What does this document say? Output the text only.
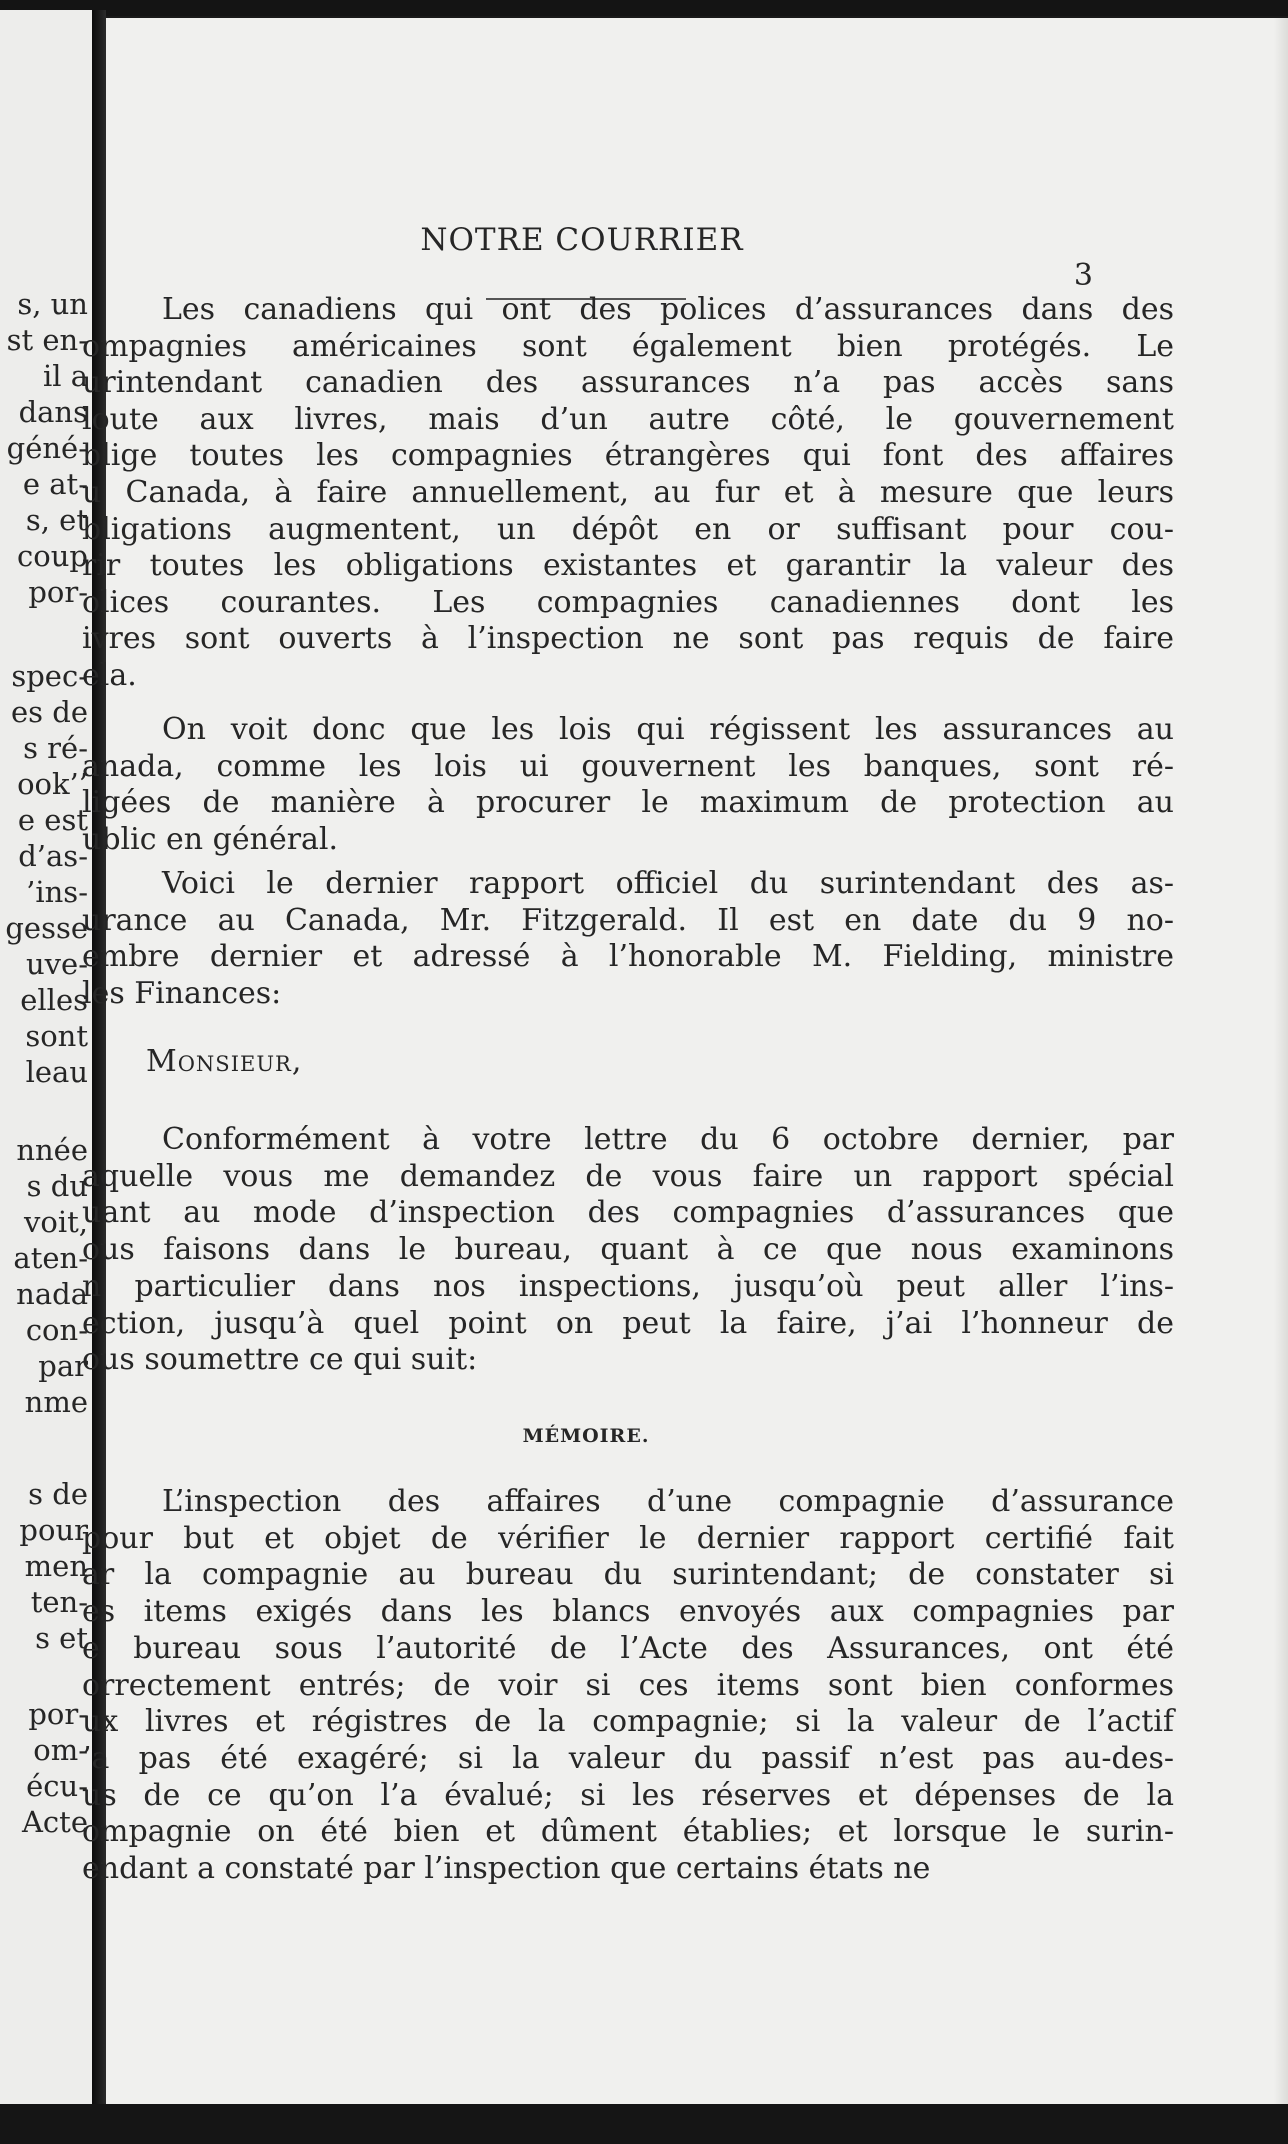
s, un
st en-
il a
dans
géné-
e at-
s, et
coup
por-
spec-
es de
s ré-
ook’’
e est
d’as-
’ins-
gesse
uve-
elles
sont
leau
nnée
s du
voit,
aten-
nada
con-
par
nme
s de
pour
men
ten-
s et
por-
om-
écu-
Acte
NOTRE COURRIER
3
Les canadiens qui ont des polices d’assurances dans des
ompagnies américaines sont également bien protégés. Le
urintendant canadien des assurances n’a pas accès sans
loute aux livres, mais d’un autre côté, le gouvernement
blige toutes les compagnies étrangères qui font des affaires
u Canada, à faire annuellement, au fur et à mesure que leurs
bligations augmentent, un dépôt en or suffisant pour cou-
rir toutes les obligations existantes et garantir la valeur des
olices courantes. Les compagnies canadiennes dont les
ivres sont ouverts à l’inspection ne sont pas requis de faire
ela.
On voit donc que les lois qui régissent les assurances au
anada, comme les lois ui gouvernent les banques, sont ré-
ligées de manière à procurer le maximum de protection au
ublic en général.
Voici le dernier rapport officiel du surintendant des as-
urance au Canada, Mr. Fitzgerald. Il est en date du 9 no-
embre dernier et adressé à l’honorable M. Fielding, ministre
les Finances:
Monsieur,
Conformément à votre lettre du 6 octobre dernier, par
aquelle vous me demandez de vous faire un rapport spécial
uant au mode d’inspection des compagnies d’assurances que
ous faisons dans le bureau, quant à ce que nous examinons
n particulier dans nos inspections, jusqu’où peut aller l’ins-
ection, jusqu’à quel point on peut la faire, j’ai l’honneur de
ous soumettre ce qui suit:
MÉMOIRE.
L’inspection des affaires d’une compagnie d’assurance
pour but et objet de vérifier le dernier rapport certifié fait
ar la compagnie au bureau du surintendant; de constater si
es items exigés dans les blancs envoyés aux compagnies par
e bureau sous l’autorité de l’Acte des Assurances, ont été
orrectement entrés; de voir si ces items sont bien conformes
ux livres et régistres de la compagnie; si la valeur de l’actif
’a pas été exagéré; si la valeur du passif n’est pas au-des-
us de ce qu’on l’a évalué; si les réserves et dépenses de la
ompagnie on été bien et dûment établies; et lorsque le surin-
endant a constaté par l’inspection que certains états ne
